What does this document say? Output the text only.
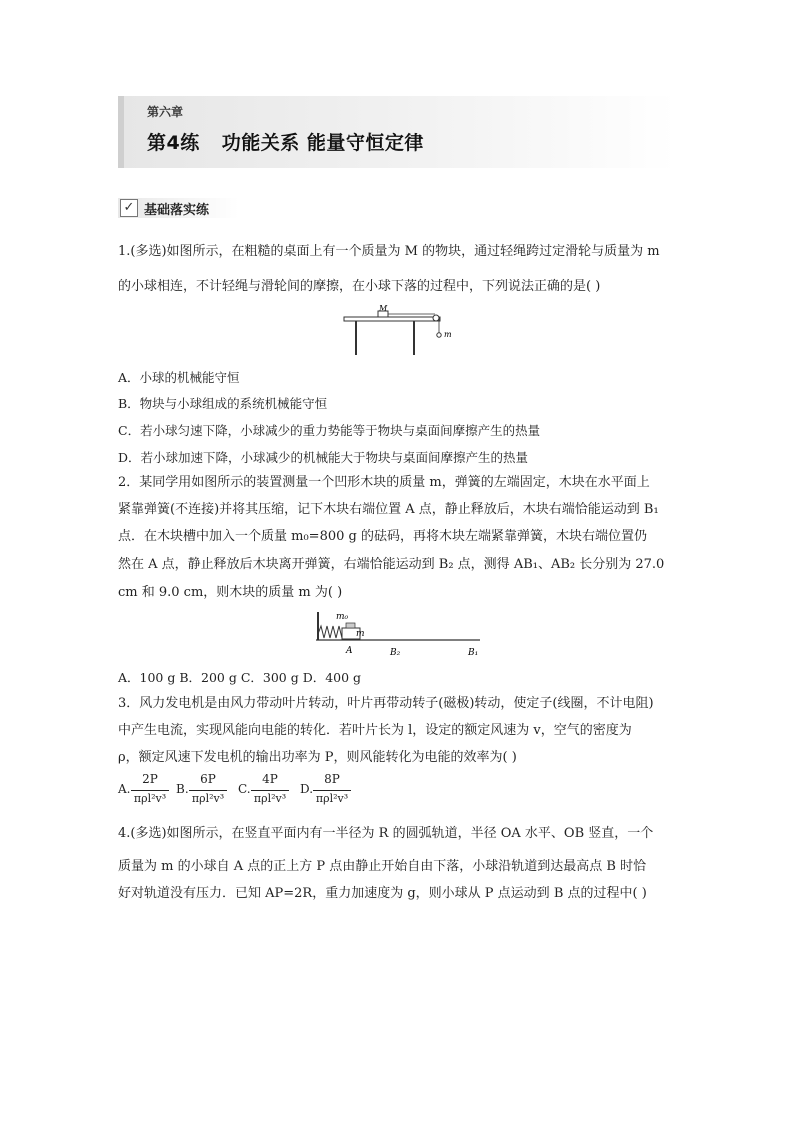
第六章
第4练 功能关系 能量守恒定律
✓ 基础落实练
1.(多选)如图所示，在粗糙的桌面上有一个质量为 M 的物块，通过轻绳跨过定滑轮与质量为 m
的小球相连，不计轻绳与滑轮间的摩擦，在小球下落的过程中，下列说法正确的是( )
M
m
A．小球的机械能守恒
B．物块与小球组成的系统机械能守恒
C．若小球匀速下降，小球减少的重力势能等于物块与桌面间摩擦产生的热量
D．若小球加速下降，小球减少的机械能大于物块与桌面间摩擦产生的热量
2．某同学用如图所示的装置测量一个凹形木块的质量 m，弹簧的左端固定，木块在水平面上
紧靠弹簧(不连接)并将其压缩，记下木块右端位置 A 点，静止释放后，木块右端恰能运动到 B₁
点．在木块槽中加入一个质量 m₀=800 g 的砝码，再将木块左端紧靠弹簧，木块右端位置仍
然在 A 点，静止释放后木块离开弹簧，右端恰能运动到 B₂ 点，测得 AB₁、AB₂ 长分别为 27.0
cm 和 9.0 cm，则木块的质量 m 为( )
m₀
m
A	B₂	B₁
A．100 g B．200 g C．300 g D．400 g
3．风力发电机是由风力带动叶片转动，叶片再带动转子(磁极)转动，使定子(线圈，不计电阻)
中产生电流，实现风能向电能的转化．若叶片长为 l，设定的额定风速为 v，空气的密度为
ρ，额定风速下发电机的输出功率为 P，则风能转化为电能的效率为( )
A.
2P
πρl²v³
B.
6P
πρl²v³
C.
4P
πρl²v³
D.
8P
πρl²v³
4.(多选)如图所示，在竖直平面内有一半径为 R 的圆弧轨道，半径 OA 水平、OB 竖直，一个
质量为 m 的小球自 A 点的正上方 P 点由静止开始自由下落，小球沿轨道到达最高点 B 时恰
好对轨道没有压力．已知 AP=2R，重力加速度为 g，则小球从 P 点运动到 B 点的过程中( )
